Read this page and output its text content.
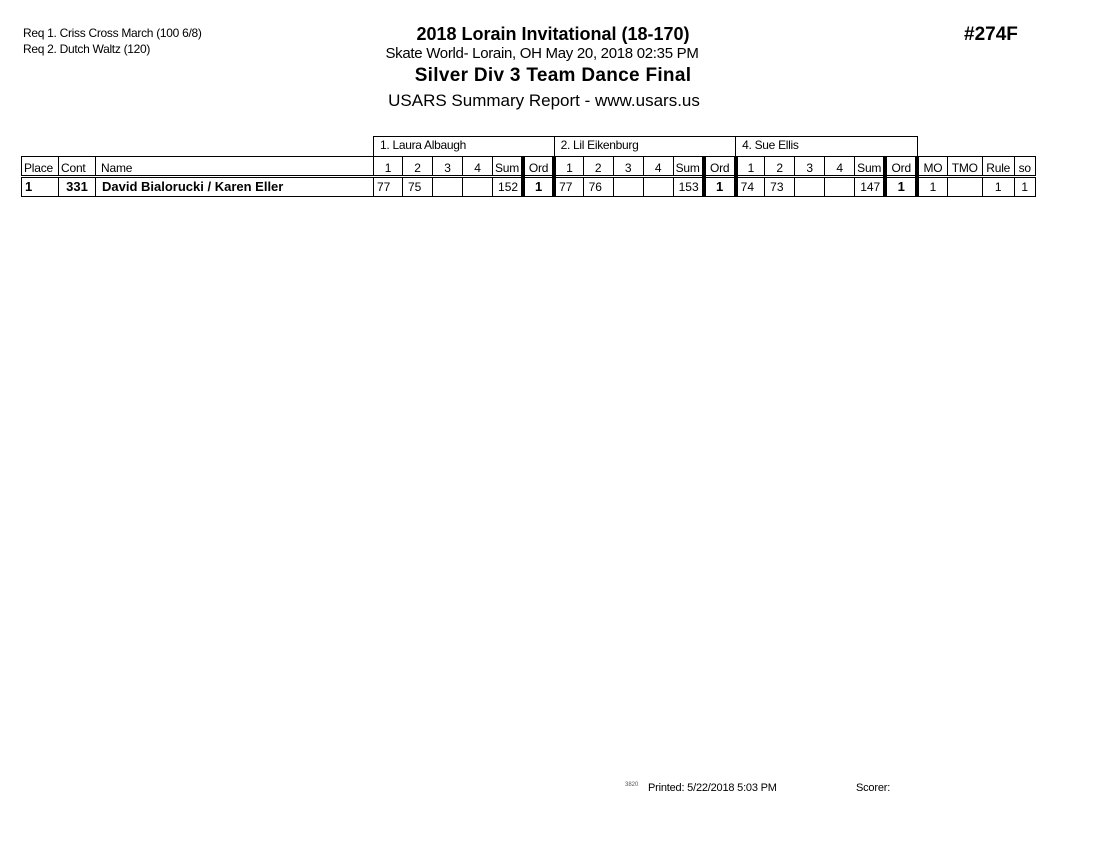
Req 1. Criss Cross March (100 6/8)
Req 2. Dutch Waltz (120)
2018 Lorain Invitational (18-170)
Skate World- Lorain, OH May 20, 2018 02:35 PM
Silver Div 3 Team Dance Final
USARS Summary Report - www.usars.us
#274F
			1. Laura Albaugh						2. Lil Eikenburg						4. Sue Ellis									
Place	Cont	Name	1	2	3	4	Sum	Ord	1	2	3	4	Sum	Ord	1	2	3	4	Sum	Ord	MO	TMO	Rule	so
1	331	David Bialorucki / Karen Eller	77	75			152	1	77	76			153	1	74	73			147	1	1		1	1
3820 Printed: 5/22/2018 5:03 PM	Scorer:
